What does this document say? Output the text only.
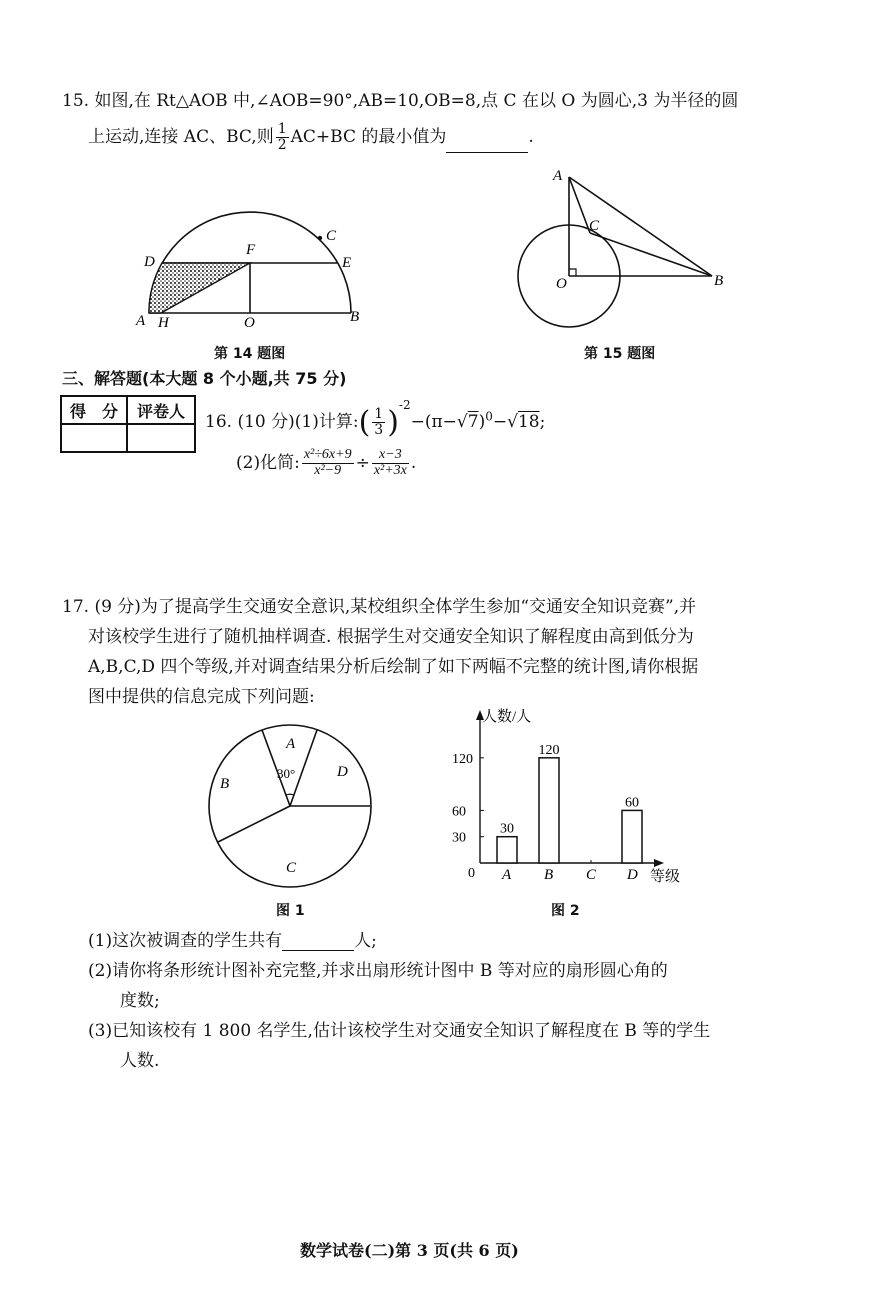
15. 如图,在 Rt△AOB 中,∠AOB=90°,AB=10,OB=8,点 C 在以 O 为圆心,3 为半径的圆
上运动,连接 AC、BC,则 $\frac{1}{2} AC+BC$ 的最小值为	.
D
F
E
C
A H	O	B
第 14 题图
A
C
O	B
第 15 题图
三、解答题(本大题 8 个小题,共 75 分)
得　分	评卷人

16. (10 分)(1)计算:( $\frac{1}{3} )^{-2}-(\pi-√7)^0-√18$;
(2)化简: $\frac{\text{x²÷6x+9}}{\text{x²−9}} \div \frac{x-3}{\text{x²+3x}}$ .
17. (9 分)为了提高学生交通安全意识,某校组织全体学生参加“交通安全知识竞赛”,并
对该校学生进行了随机抽样调查. 根据学生对交通安全知识了解程度由高到低分为
A,B,C,D 四个等级,并对调查结果分析后绘制了如下两幅不完整的统计图,请你根据
图中提供的信息完成下列问题:
A
30°	D
B
C
图 1
人数/人
等级
0
30
60
120
A
30
B
120
C D
60
图 2
(1)这次被调查的学生共有	人;
(2)请你将条形统计图补充完整,并求出扇形统计图中 B 等对应的扇形圆心角的
度数;
(3)已知该校有 1 800 名学生,估计该校学生对交通安全知识了解程度在 B 等的学生
人数.
数学试卷(二)第 3 页(共 6 页)
